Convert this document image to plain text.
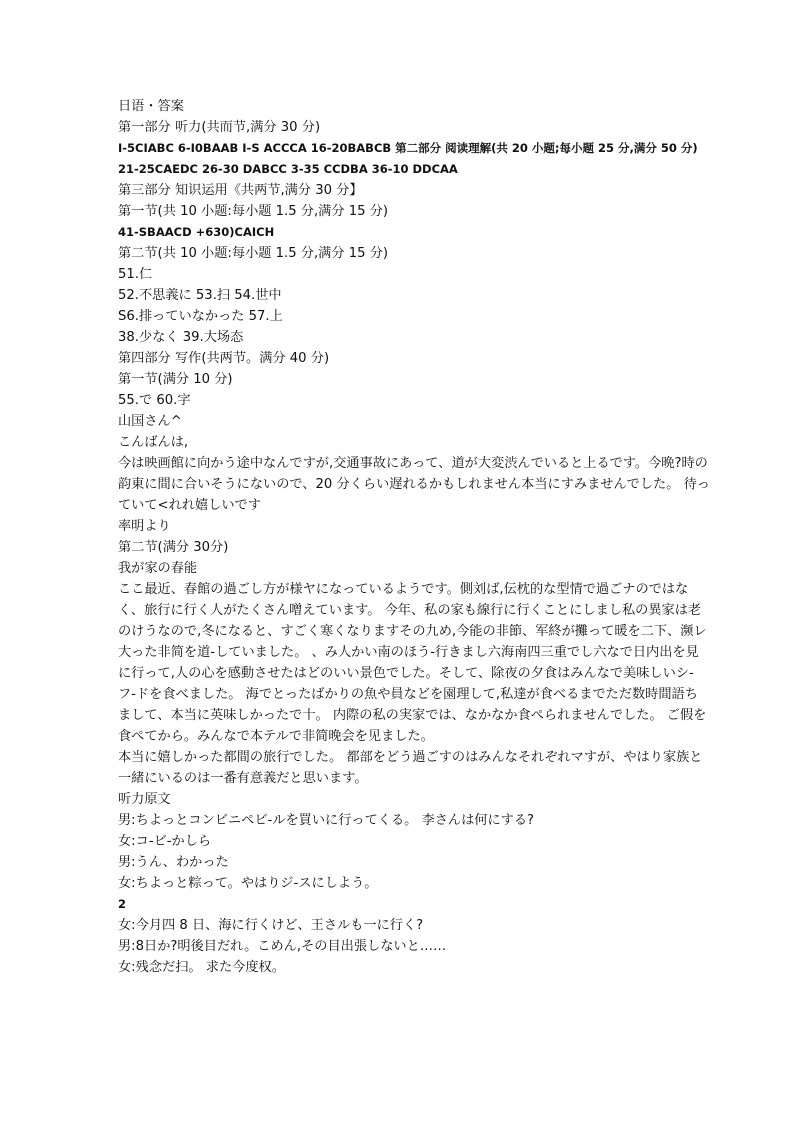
日语・答案
第一部分 听力(共而节,满分 30 分)
I-5CIABC 6-I0BAAB I-S ACCCA 16-20BABCB 第二部分 阅读理解(共 20 小题;每小题 25 分,满分 50 分)
21-25CAEDC 26-30 DABCC 3-35 CCDBA 36-10 DDCAA
第三部分 知识运用《共两节,满分 30 分】
第一节(共 10 小题:每小题 1.5 分,满分 15 分)
41-SBAACD +630)CAICH
第二节(共 10 小题:每小题 1.5 分,满分 15 分)
51.仁
52.不思義に 53.扫 54.世中
S6.排っていなかった 57.上
38.少なく 39.大场态
第四部分 写作(共两节。满分 40 分)
第一节(满分 10 分)
55.で 60.字
山国さん^
こんばんは,
今は映画館に向かう途中なんですが,交通事故にあって、道が大変渋んでいると上るです。今晩?時の韵東に間に合いそうにないので、20 分くらい遅れるかもしれません本当にすみませんでした。 待っていて<れれ嬉しいです
率明より
第二节(满分 30分)
我が家の春能
ここ最近、春館の過ごし方が様ヤになっているようです。側刘ば,伝枕的な型情で過ごナのではなく、旅行に行く人がたくさん噌えています。 今年、私の家も線行に行くことにしまし私の異家は老のけうなので,冬になると、すごく寒くなりますその九め,今能の非節、军終が攤って暖を二下、濒レ大った非简を道-していました。 、み人かい南のほう-行きまし六海南四三重でし六なで日内出を見に行って,人の心を感動させたはどのいい景色でした。そして、除夜の夕食はみんなで美味しいシ-フ-ドを食べました。 海でとったばかりの魚や員などを園理して,私達が食べるまでただ数時間語ちまして、本当に英味しかったで十。 内際の私の実家では、なかなか食ぺられませんでした。 ご假を食ぺてから。みんなで本テルで非简晚会を见ました。
本当に嬉しかった都間の旅行でした。 都部をどう過ごすのはみんなそれぞれマすが、やはり家族と一緒にいるのは一番有意義だと思います。
听力原文
男:ちよっとコンビニペビ-ルを買いに行ってくる。 李さんは何にする?
女:コ-ビ-かしら
男:うん、わかった
女:ちよっと粽って。やはりジ-スにしよう。
2
女:今月四 8 日、海に行くけど、王さルも一に行く?
男:8日か?明後目だれ。こめん,その目出張しないと……
女:残念だ扫。 求た今度权。
